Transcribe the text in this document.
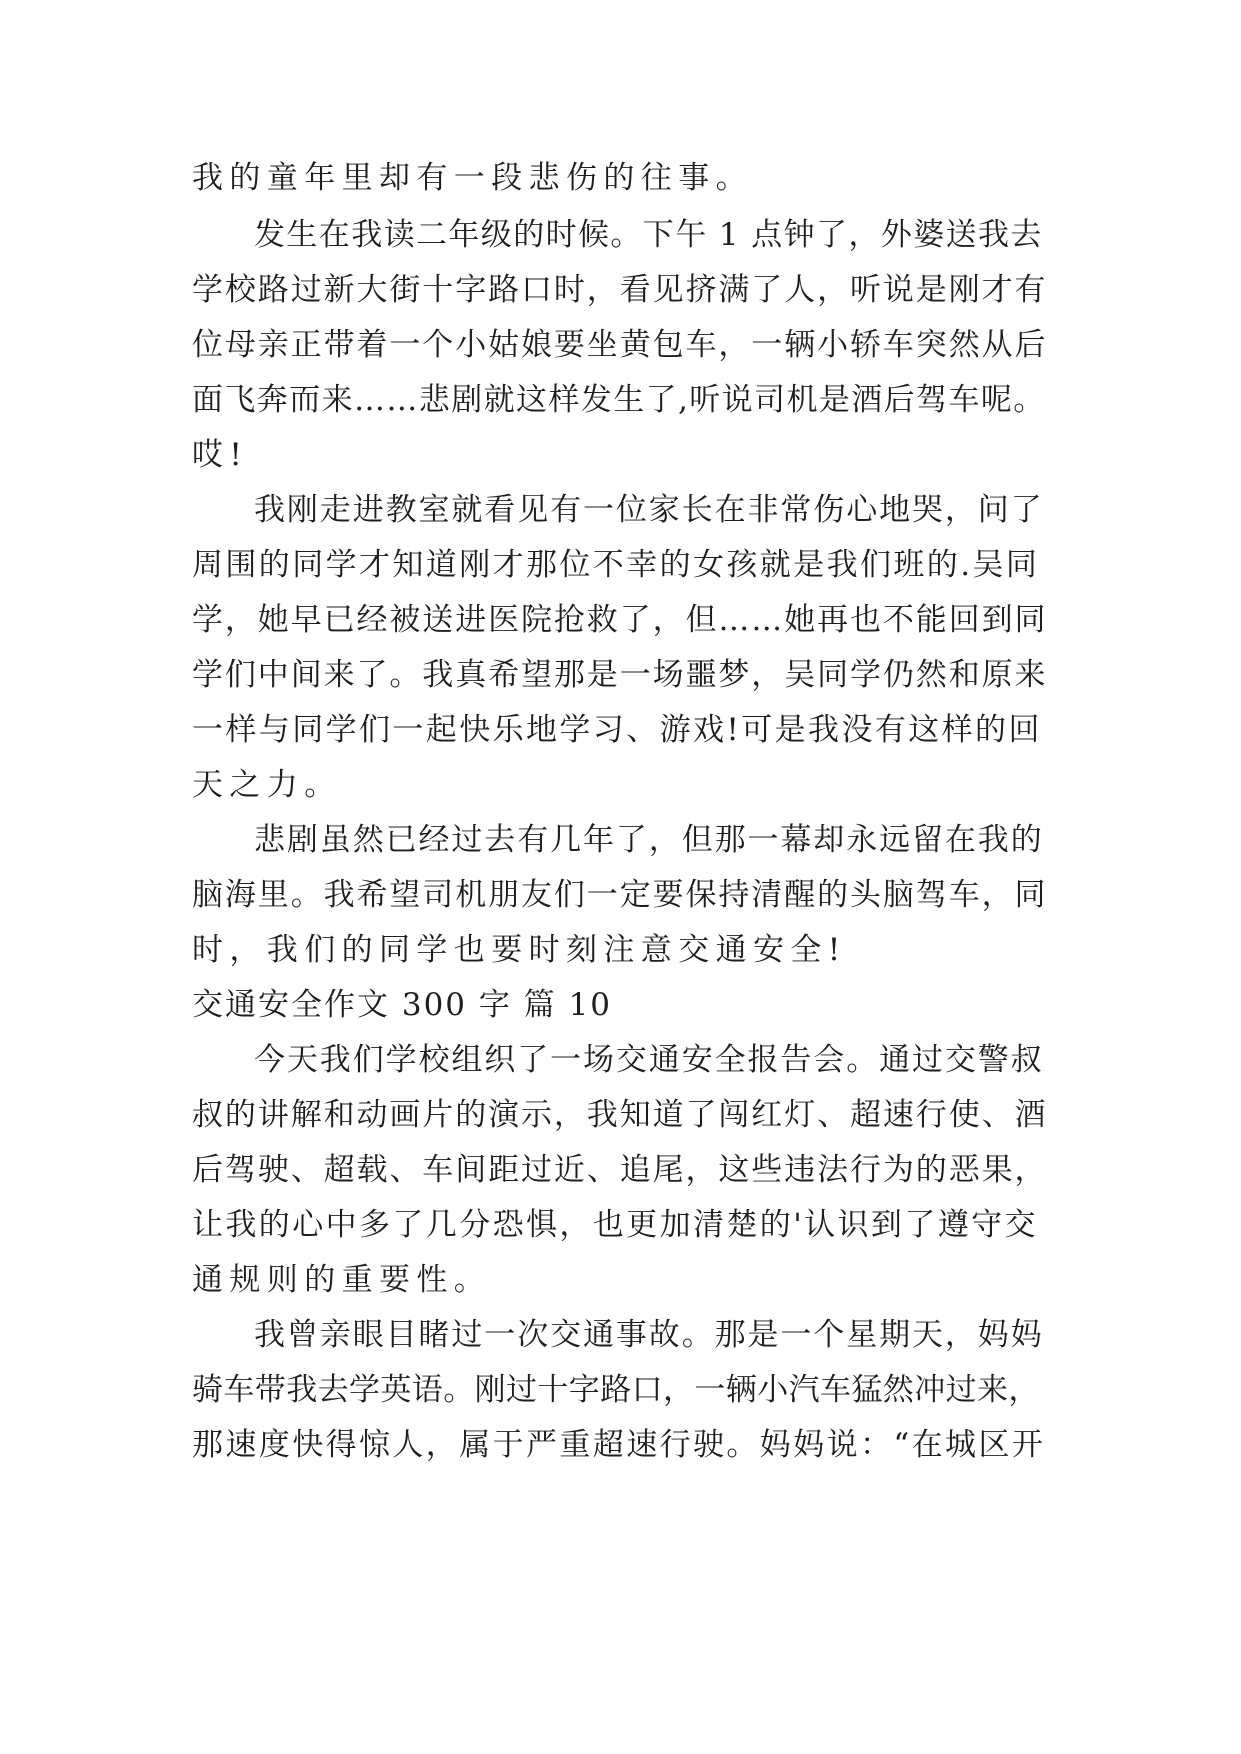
我的童年里却有一段悲伤的往事。

发生在我读二年级的时候。下午 1 点钟了，外婆送我去

学校路过新大街十字路口时，看见挤满了人，听说是刚才有

位母亲正带着一个小姑娘要坐黄包车，一辆小轿车突然从后

面飞奔而来……悲剧就这样发生了,听说司机是酒后驾车呢。

哎!

我刚走进教室就看见有一位家长在非常伤心地哭，问了

周围的同学才知道刚才那位不幸的女孩就是我们班的.吴同

学，她早已经被送进医院抢救了，但……她再也不能回到同

学们中间来了。我真希望那是一场噩梦，吴同学仍然和原来

一样与同学们一起快乐地学习、游戏!可是我没有这样的回

天之力。

悲剧虽然已经过去有几年了，但那一幕却永远留在我的

脑海里。我希望司机朋友们一定要保持清醒的头脑驾车，同

时，我们的同学也要时刻注意交通安全!

交通安全作文 300 字 篇 10

今天我们学校组织了一场交通安全报告会。通过交警叔

叔的讲解和动画片的演示，我知道了闯红灯、超速行使、酒

后驾驶、超载、车间距过近、追尾，这些违法行为的恶果，

让我的心中多了几分恐惧，也更加清楚的'认识到了遵守交

通规则的重要性。

我曾亲眼目睹过一次交通事故。那是一个星期天，妈妈

骑车带我去学英语。刚过十字路口，一辆小汽车猛然冲过来，

那速度快得惊人，属于严重超速行驶。妈妈说：“在城区开
